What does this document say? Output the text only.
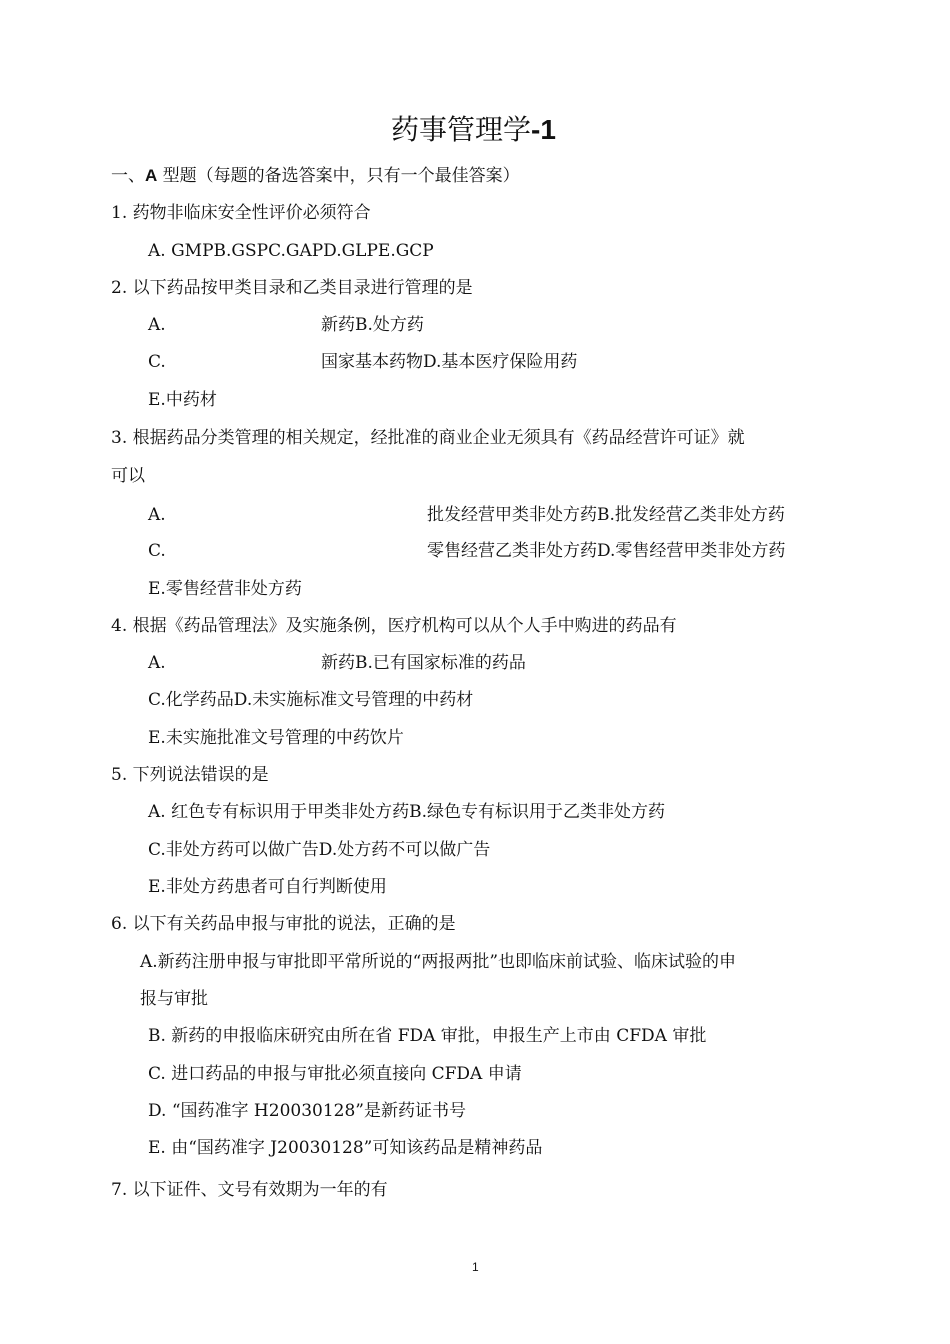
药事管理学-1
一、A 型题（每题的备选答案中，只有一个最佳答案）
1. 药物非临床安全性评价必须符合
A. GMPB.GSPC.GAPD.GLPE.GCP
2. 以下药品按甲类目录和乙类目录进行管理的是
A.	新药B.处方药
C.	国家基本药物D.基本医疗保险用药
E.中药材
3. 根据药品分类管理的相关规定，经批准的商业企业无须具有《药品经营许可证》就
可以
A.	批发经营甲类非处方药B.批发经营乙类非处方药
C.	零售经营乙类非处方药D.零售经营甲类非处方药
E.零售经营非处方药
4. 根据《药品管理法》及实施条例，医疗机构可以从个人手中购进的药品有
A.	新药B.已有国家标准的药品
C.化学药品D.未实施标准文号管理的中药材
E.未实施批准文号管理的中药饮片
5. 下列说法错误的是
A. 红色专有标识用于甲类非处方药B.绿色专有标识用于乙类非处方药
C.非处方药可以做广告D.处方药不可以做广告
E.非处方药患者可自行判断使用
6. 以下有关药品申报与审批的说法，正确的是
A.新药注册申报与审批即平常所说的“两报两批”也即临床前试验、临床试验的申
报与审批
B. 新药的申报临床研究由所在省 FDA 审批，申报生产上市由 CFDA 审批
C. 进口药品的申报与审批必须直接向 CFDA 申请
D. “国药准字 H20030128”是新药证书号
E. 由“国药准字 J20030128”可知该药品是精神药品
7. 以下证件、文号有效期为一年的有
1
